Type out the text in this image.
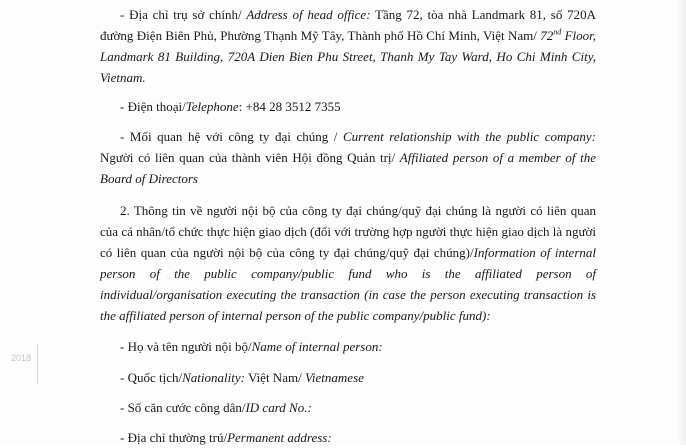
2018

- Địa chỉ trụ sở chính/ Address of head office: Tầng 72, tòa nhà Landmark 81, số 720A đường Điện Biên Phủ, Phường Thạnh Mỹ Tây, Thành phố Hồ Chí Minh, Việt Nam/ 72nd Floor, Landmark 81 Building, 720A Dien Bien Phu Street, Thanh My Tay Ward, Ho Chi Minh City, Vietnam.

- Điện thoại/Telephone: +84 28 3512 7355

- Mối quan hệ với công ty đại chúng / Current relationship with the public company: Người có liên quan của thành viên Hội đồng Quản trị/ Affiliated person of a member of the Board of Directors

2. Thông tin về người nội bộ của công ty đại chúng/quỹ đại chúng là người có liên quan của cá nhân/tổ chức thực hiện giao dịch (đối với trường hợp người thực hiện giao dịch là người có liên quan của người nội bộ của công ty đại chúng/quỹ đại chúng)/Information of internal person of the public company/public fund who is the affiliated person of individual/organisation executing the transaction (in case the person executing transaction is the affiliated person of internal person of the public company/public fund):

- Họ và tên người nội bộ/Name of internal person:

- Quốc tịch/Nationality: Việt Nam/ Vietnamese

- Số căn cước công dân/ID card No.:

- Địa chỉ thường trú/Permanent address:
